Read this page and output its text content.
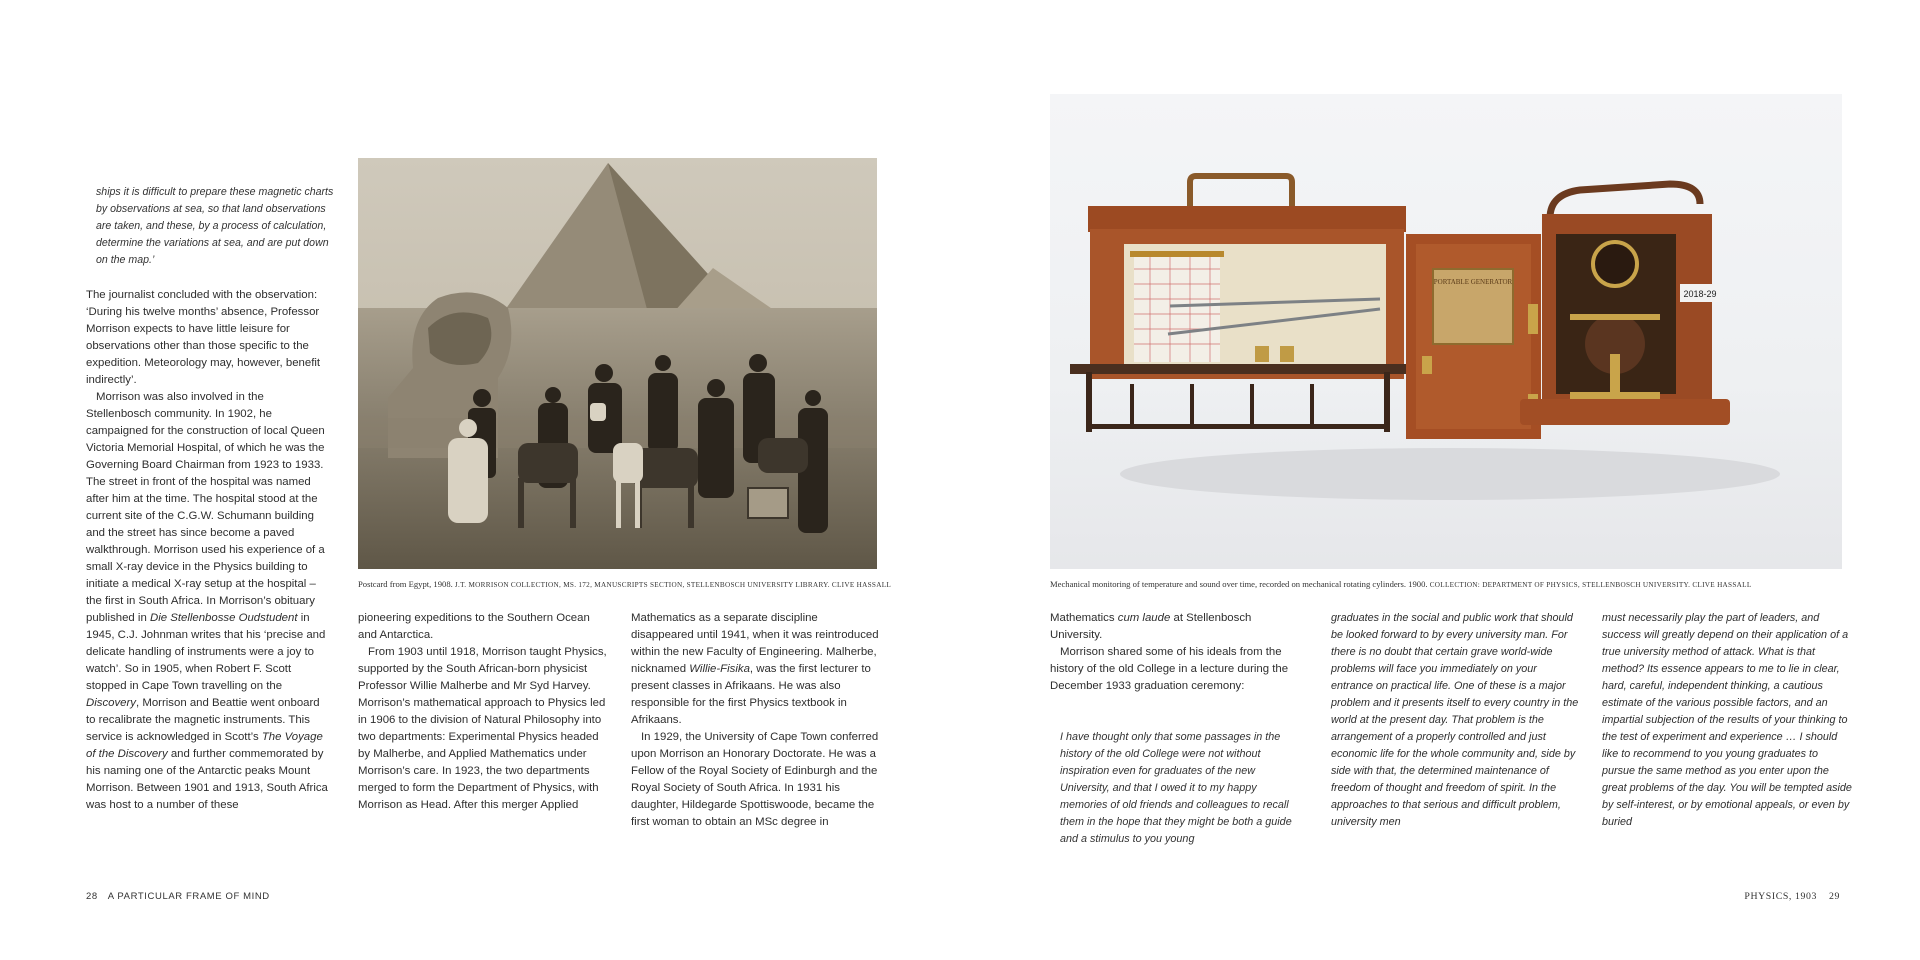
ships it is difficult to prepare these magnetic charts by observations at sea, so that land observations are taken, and these, by a process of calculation, determine the variations at sea, and are put down on the map.’

The journalist concluded with the observation: ‘During his twelve months’ absence, Professor Morrison expects to have little leisure for observations other than those specific to the expedition. Meteorology may, however, benefit indirectly’.

Morrison was also involved in the Stellenbosch community. In 1902, he campaigned for the construction of local Queen Victoria Memorial Hospital, of which he was the Governing Board Chairman from 1923 to 1933. The street in front of the hospital was named after him at the time. The hospital stood at the current site of the C.G.W. Schumann building and the street has since become a paved walkthrough. Morrison used his experience of a small X-ray device in the Physics building to initiate a medical X-ray setup at the hospital – the first in South Africa. In Morrison’s obituary published in Die Stellenbosse Oudstudent in 1945, C.J. Johnman writes that his ‘precise and delicate handling of instruments were a joy to watch’. So in 1905, when Robert F. Scott stopped in Cape Town travelling on the Discovery, Morrison and Beattie went onboard to recalibrate the magnetic instruments. This service is acknowledged in Scott’s The Voyage of the Discovery and further commemorated by his naming one of the Antarctic peaks Mount Morrison. Between 1901 and 1913, South Africa was host to a number of these

Postcard from Egypt, 1908. J.T. MORRISON COLLECTION, MS. 172, MANUSCRIPTS SECTION, STELLENBOSCH UNIVERSITY LIBRARY. CLIVE HASSALL

pioneering expeditions to the Southern Ocean and Antarctica.

From 1903 until 1918, Morrison taught Physics, supported by the South African-born physicist Professor Willie Malherbe and Mr Syd Harvey. Morrison’s mathematical approach to Physics led in 1906 to the division of Natural Philosophy into two departments: Experimental Physics headed by Malherbe, and Applied Mathematics under Morrison’s care. In 1923, the two departments merged to form the Department of Physics, with Morrison as Head. After this merger Applied

Mathematics as a separate discipline disappeared until 1941, when it was reintroduced within the new Faculty of Engineering. Malherbe, nicknamed Willie-Fisika, was the first lecturer to present classes in Afrikaans. He was also responsible for the first Physics textbook in Afrikaans.

In 1929, the University of Cape Town conferred upon Morrison an Honorary Doctorate. He was a Fellow of the Royal Society of Edinburgh and the Royal Society of South Africa. In 1931 his daughter, Hildegarde Spottiswoode, became the first woman to obtain an MSc degree in

28 A PARTICULAR FRAME OF MIND
PORTABLE GENERATOR
2018-29
Mechanical monitoring of temperature and sound over time, recorded on mechanical rotating cylinders. 1900. COLLECTION: DEPARTMENT OF PHYSICS, STELLENBOSCH UNIVERSITY. CLIVE HASSALL

Mathematics cum laude at Stellenbosch University.

Morrison shared some of his ideals from the history of the old College in a lecture during the December 1933 graduation ceremony:

I have thought only that some passages in the history of the old College were not without inspiration even for graduates of the new University, and that I owed it to my happy memories of old friends and colleagues to recall them in the hope that they might be both a guide and a stimulus to you young

graduates in the social and public work that should be looked forward to by every university man. For there is no doubt that certain grave world-wide problems will face you immediately on your entrance on practical life. One of these is a major problem and it presents itself to every country in the world at the present day. That problem is the arrangement of a properly controlled and just economic life for the whole community and, side by side with that, the determined maintenance of freedom of thought and freedom of spirit. In the approaches to that serious and difficult problem, university men

must necessarily play the part of leaders, and success will greatly depend on their application of a true university method of attack. What is that method? Its essence appears to me to lie in clear, hard, careful, independent thinking, a cautious estimate of the various possible factors, and an impartial subjection of the results of your thinking to the test of experiment and experience … I should like to recommend to you young graduates to pursue the same method as you enter upon the great problems of the day. You will be tempted aside by self-interest, or by emotional appeals, or even by buried

PHYSICS, 1903 29
